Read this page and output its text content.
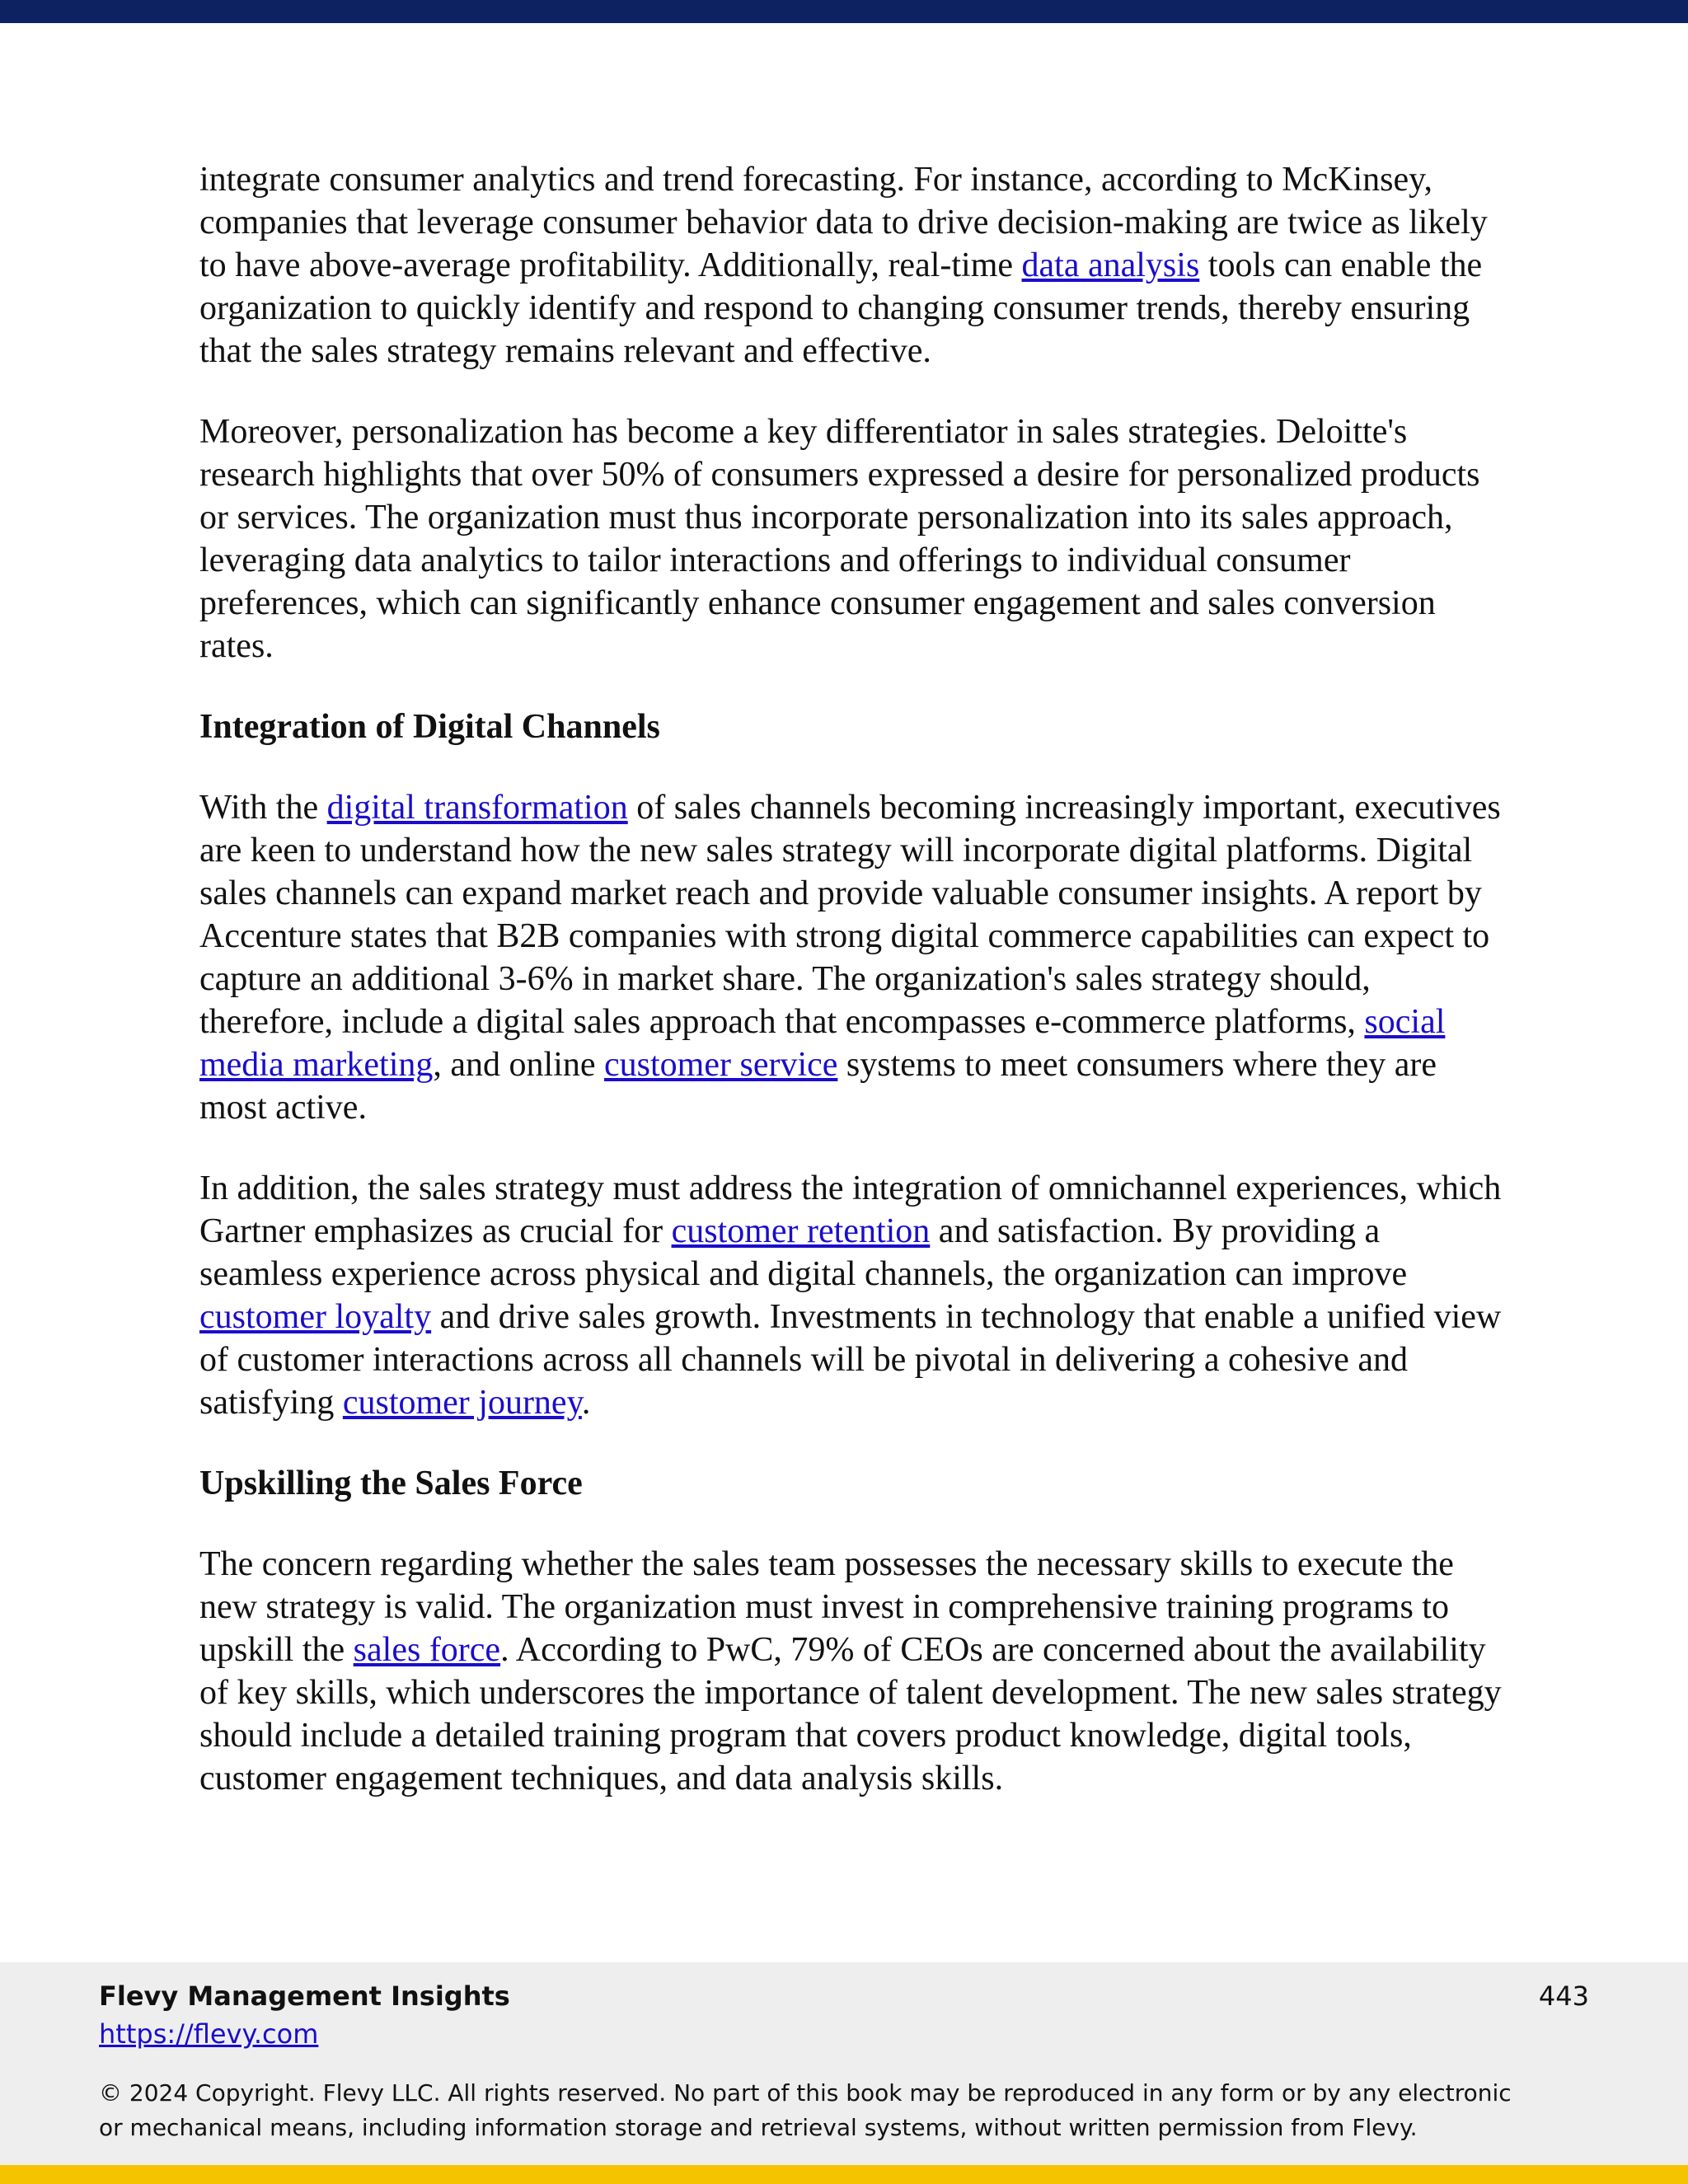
integrate consumer analytics and trend forecasting. For instance, according to McKinsey, companies that leverage consumer behavior data to drive decision-making are twice as likely to have above-average profitability. Additionally, real-time data analysis tools can enable the organization to quickly identify and respond to changing consumer trends, thereby ensuring that the sales strategy remains relevant and effective.

Moreover, personalization has become a key differentiator in sales strategies. Deloitte's research highlights that over 50% of consumers expressed a desire for personalized products or services. The organization must thus incorporate personalization into its sales approach, leveraging data analytics to tailor interactions and offerings to individual consumer preferences, which can significantly enhance consumer engagement and sales conversion rates.

Integration of Digital Channels

With the digital transformation of sales channels becoming increasingly important, executives are keen to understand how the new sales strategy will incorporate digital platforms. Digital sales channels can expand market reach and provide valuable consumer insights. A report by Accenture states that B2B companies with strong digital commerce capabilities can expect to capture an additional 3-6% in market share. The organization's sales strategy should, therefore, include a digital sales approach that encompasses e-commerce platforms, social media marketing, and online customer service systems to meet consumers where they are most active.

In addition, the sales strategy must address the integration of omnichannel experiences, which Gartner emphasizes as crucial for customer retention and satisfaction. By providing a seamless experience across physical and digital channels, the organization can improve customer loyalty and drive sales growth. Investments in technology that enable a unified view of customer interactions across all channels will be pivotal in delivering a cohesive and satisfying customer journey.

Upskilling the Sales Force

The concern regarding whether the sales team possesses the necessary skills to execute the new strategy is valid. The organization must invest in comprehensive training programs to upskill the sales force. According to PwC, 79% of CEOs are concerned about the availability of key skills, which underscores the importance of talent development. The new sales strategy should include a detailed training program that covers product knowledge, digital tools, customer engagement techniques, and data analysis skills.

Flevy Management Insights
https://flevy.com
443
© 2024 Copyright. Flevy LLC. All rights reserved. No part of this book may be reproduced in any form or by any electronic or mechanical means, including information storage and retrieval systems, without written permission from Flevy.
